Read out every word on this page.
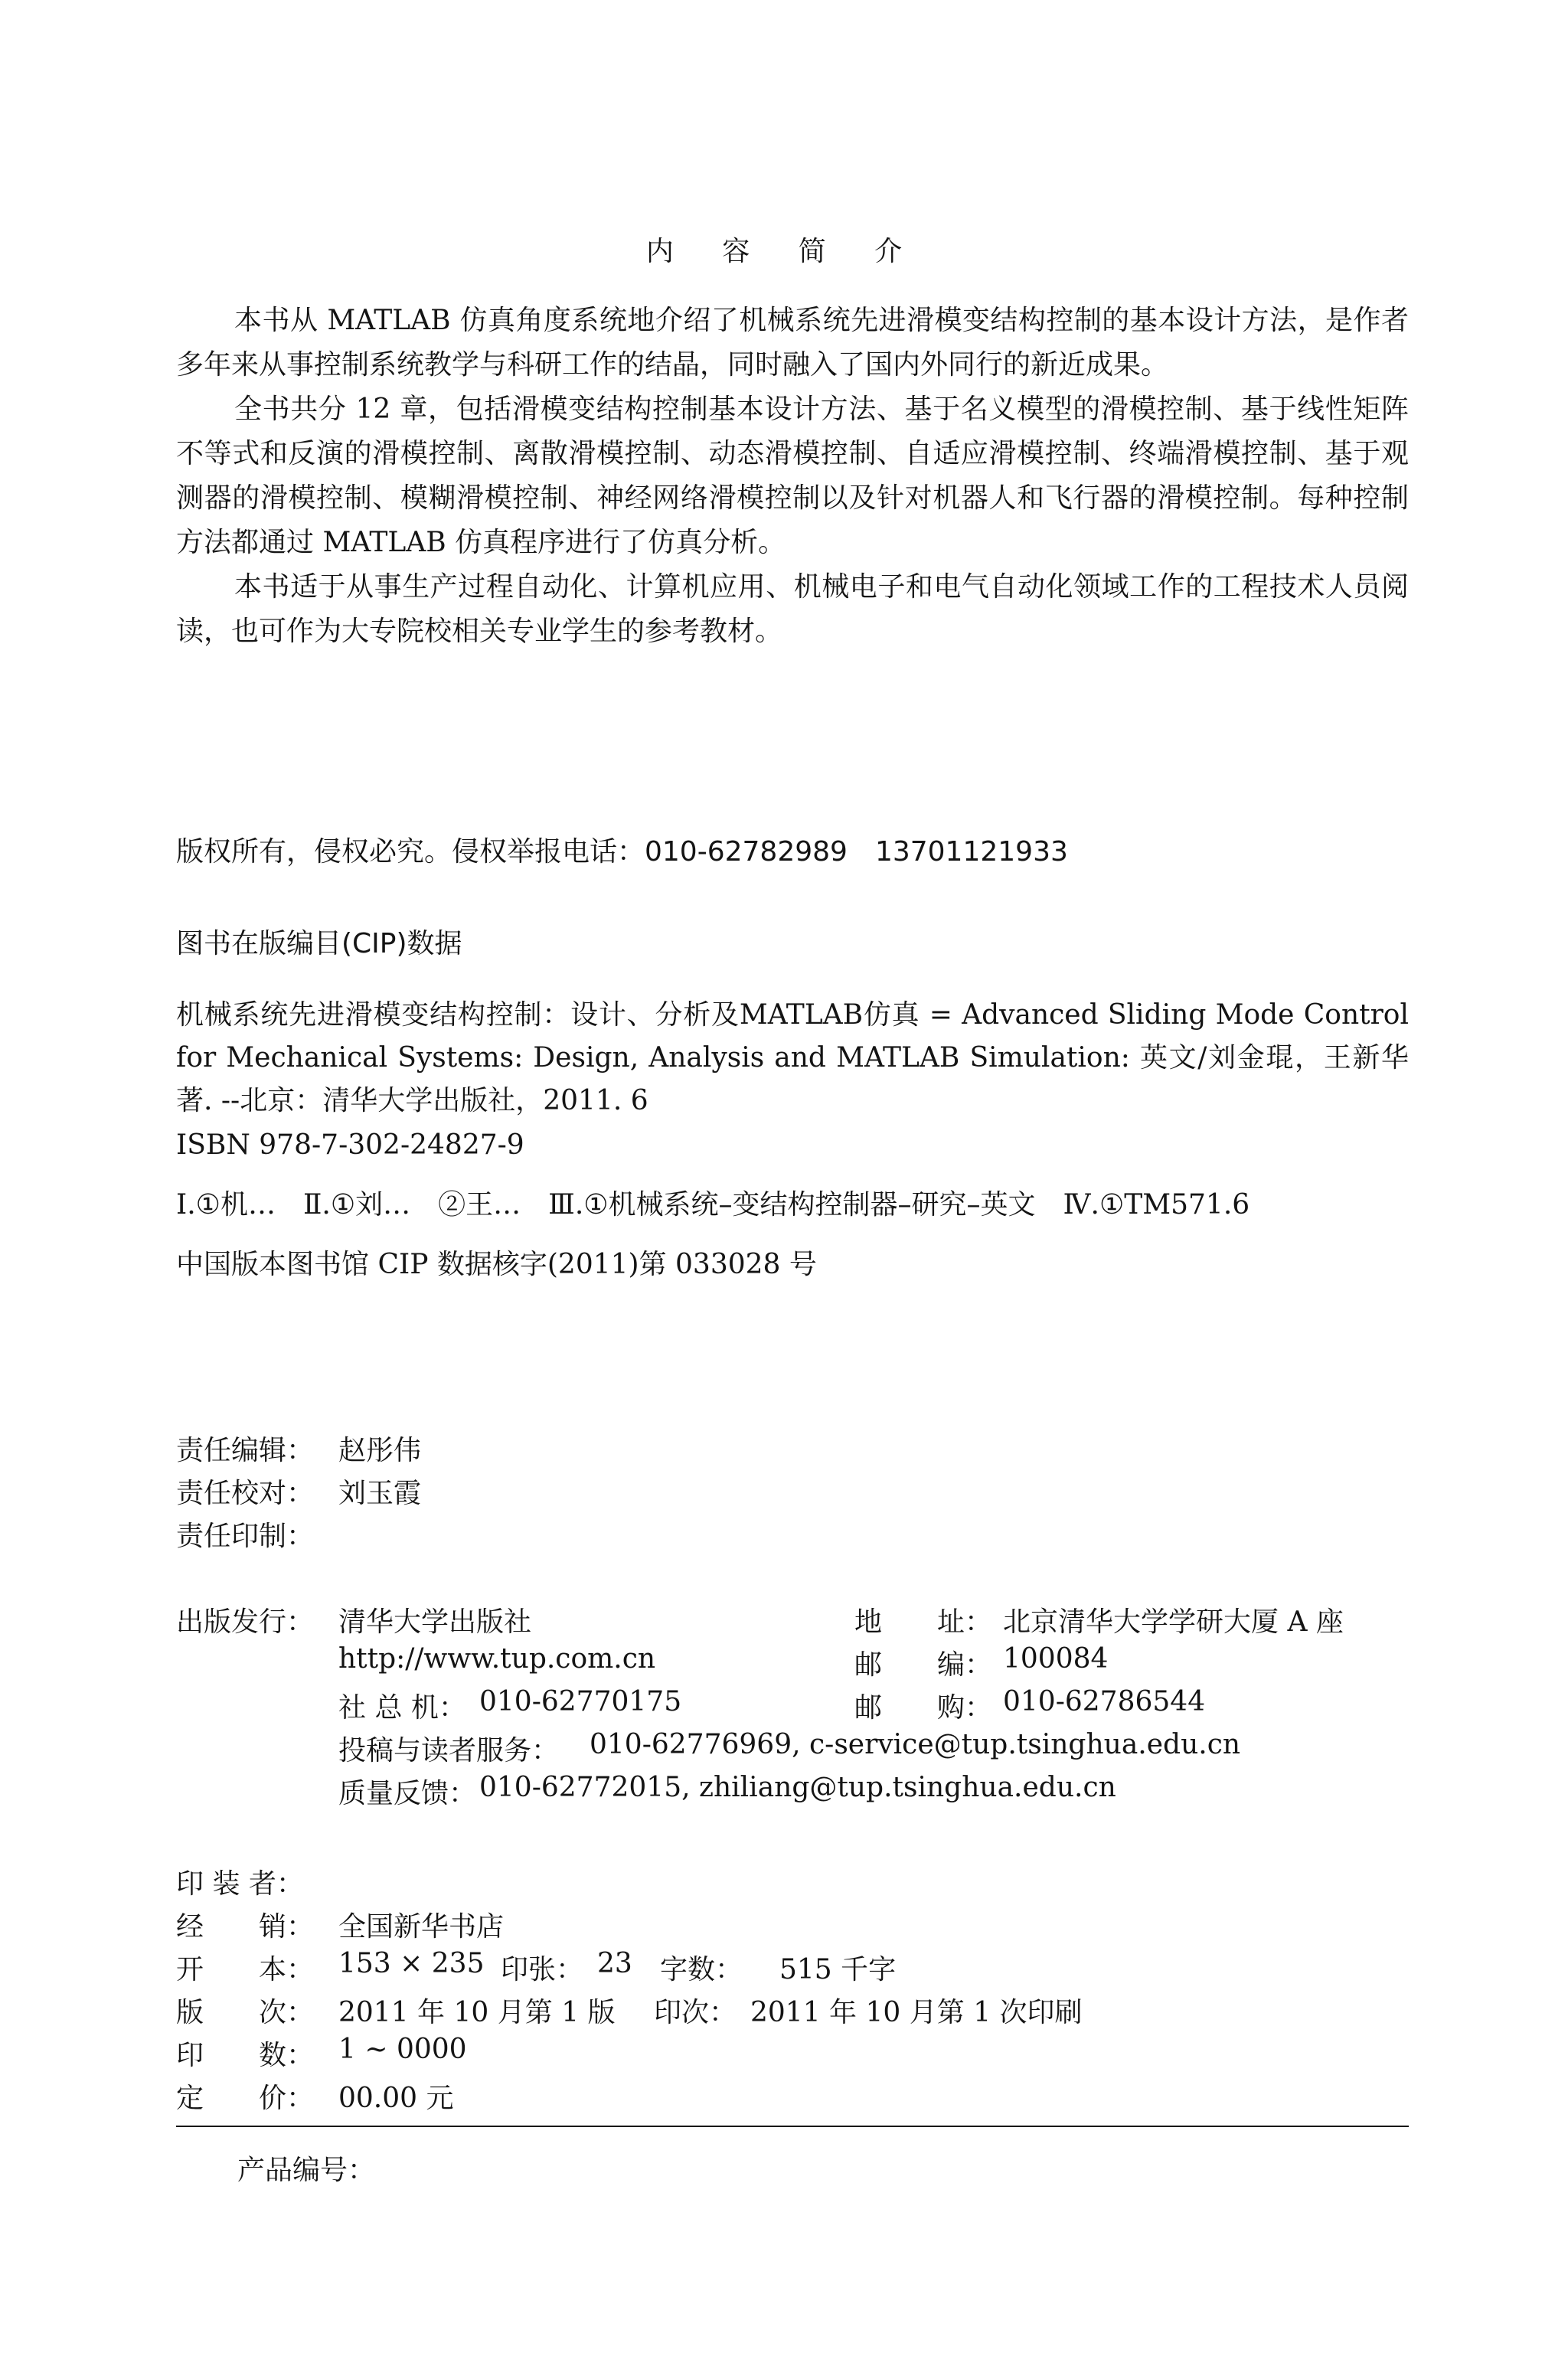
内 容 简 介

本书从 MATLAB 仿真角度系统地介绍了机械系统先进滑模变结构控制的基本设计方法，是作者多年来从事控制系统教学与科研工作的结晶，同时融入了国内外同行的新近成果。

全书共分 12 章，包括滑模变结构控制基本设计方法、基于名义模型的滑模控制、基于线性矩阵不等式和反演的滑模控制、离散滑模控制、动态滑模控制、自适应滑模控制、终端滑模控制、基于观测器的滑模控制、模糊滑模控制、神经网络滑模控制以及针对机器人和飞行器的滑模控制。每种控制方法都通过 MATLAB 仿真程序进行了仿真分析。

本书适于从事生产过程自动化、计算机应用、机械电子和电气自动化领域工作的工程技术人员阅读，也可作为大专院校相关专业学生的参考教材。

版权所有，侵权必究。侵权举报电话：010-62782989　13701121933
图书在版编目(CIP)数据

机械系统先进滑模变结构控制：设计、分析及MATLAB仿真 = Advanced Sliding Mode Control for Mechanical Systems: Design, Analysis and MATLAB Simulation: 英文/刘金琨，王新华著. --北京：清华大学出版社，2011. 6

ISBN 978-7-302-24827-9

Ⅰ.①机…　Ⅱ.①刘…　②王…　Ⅲ.①机械系统–变结构控制器–研究–英文　Ⅳ.①TM571.6

中国版本图书馆 CIP 数据核字(2011)第 033028 号

责任编辑： 赵彤伟
责任校对： 刘玉霞
责任印制：
出版发行： 清华大学出版社
http://www.tup.com.cn
社 总 机： 010-62770175
投稿与读者服务： 010-62776969, c-service@tup.tsinghua.edu.cn
质量反馈： 010-62772015, zhiliang@tup.tsinghua.edu.cn
地　　址： 北京清华大学学研大厦 A 座
邮　　编： 100084
邮　　购： 010-62786544
印 装 者：
经　　销： 全国新华书店
开　　本： 153 × 235 印张： 23 字数： 515 千字
版　　次： 2011 年 10 月第 1 版 印次： 2011 年 10 月第 1 次印刷
印　　数： 1 ~ 0000
定　　价： 00.00 元
产品编号：
